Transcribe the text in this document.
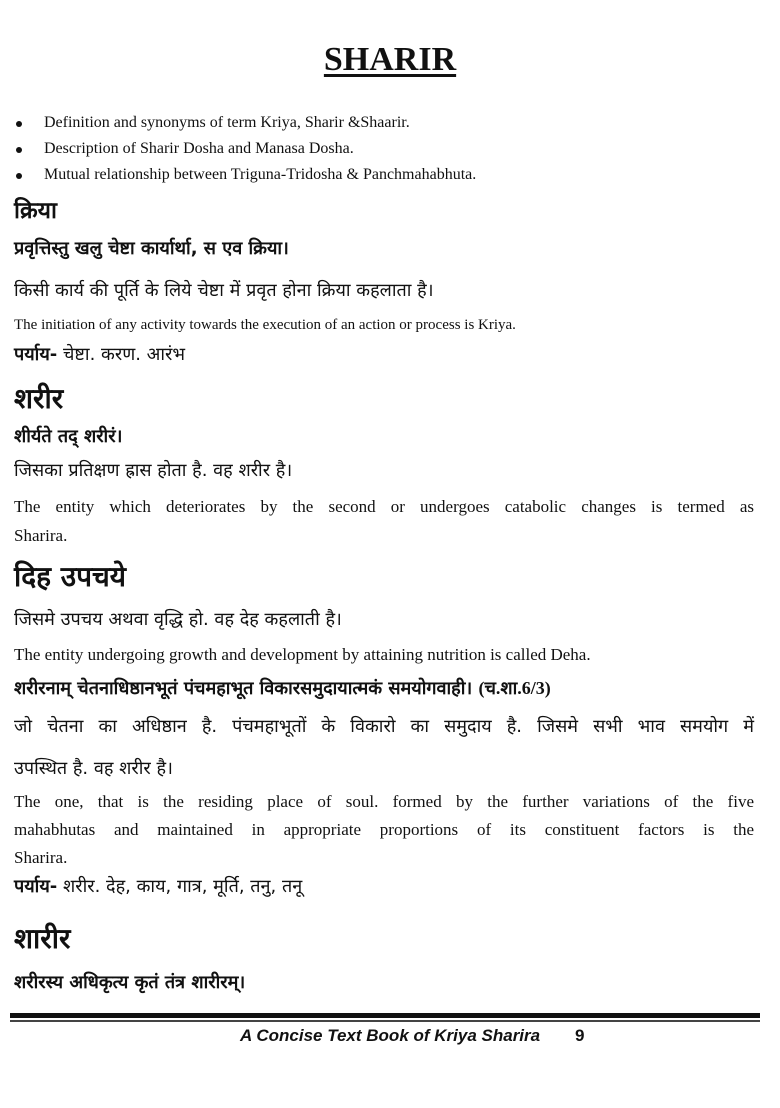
SHARIR
Definition and synonyms of term Kriya, Sharir &Shaarir.
Description of Sharir Dosha and Manasa Dosha.
Mutual relationship between Triguna-Tridosha & Panchmahabhuta.
क्रिया
प्रवृत्तिस्तु खलु चेष्टा कार्यार्था, स एव क्रिया।
किसी कार्य की पूर्ति के लिये चेष्टा में प्रवृत होना क्रिया कहलाता है।
The initiation of any activity towards the execution of an action or process is Kriya.
पर्याय- चेष्टा. करण. आरंभ
शरीर
शीर्यते तद् शरीरं।
जिसका प्रतिक्षण ह्रास होता है. वह शरीर है।
The entity which deteriorates by the second or undergoes catabolic changes is termed as
Sharira.
दिह उपचये
जिसमे उपचय अथवा वृद्धि हो. वह देह कहलाती है।
The entity undergoing growth and development by attaining nutrition is called Deha.
शरीरनाम् चेतनाधिष्ठानभूतं पंचमहाभूत विकारसमुदायात्मकं समयोगवाही। (च.शा.6/3)
जो चेतना का अधिष्ठान है. पंचमहाभूतों के विकारो का समुदाय है. जिसमे सभी भाव समयोग में
उपस्थित है. वह शरीर है।
The one, that is the residing place of soul. formed by the further variations of the five
mahabhutas and maintained in appropriate proportions of its constituent factors is the
Sharira.
पर्याय- शरीर. देह, काय, गात्र, मूर्ति, तनु, तनू
शारीर
शरीरस्य अधिकृत्य कृतं तंत्र शारीरम्।
A Concise Text Book of Kriya Sharira 9
